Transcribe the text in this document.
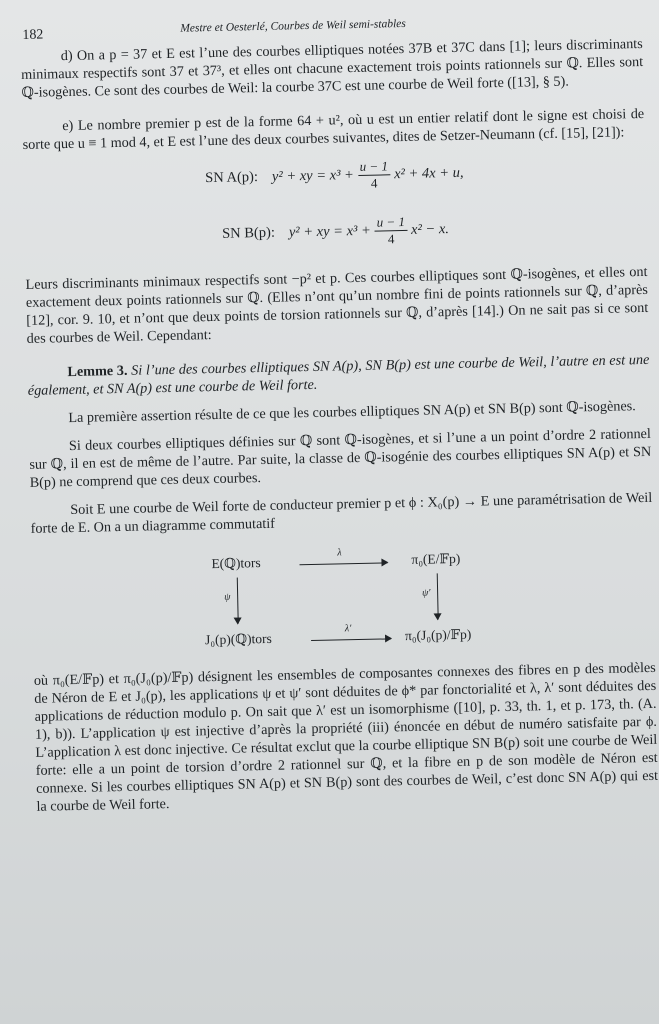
182
Mestre et Oesterlé, Courbes de Weil semi-stables

d) On a p = 37 et E est l’une des courbes elliptiques notées 37B et 37C dans [1]; leurs discriminants minimaux respectifs sont 37 et 37³, et elles ont chacune exactement trois points rationnels sur ℚ. Elles sont ℚ-isogènes. Ce sont des courbes de Weil: la courbe 37C est une courbe de Weil forte ([13], § 5).

e) Le nombre premier p est de la forme 64 + u², où u est un entier relatif dont le signe est choisi de sorte que u ≡ 1 mod 4, et E est l’une des deux courbes suivantes, dites de Setzer-Neumann (cf. [15], [21]):

SN A(p): y² + xy = $x^3 + \frac{u - 1}{4} x^2 + 4x + u$,
SN B(p): y² + xy = $x^3 + \frac{u - 1}{4} x^2 - x$.

Leurs discriminants minimaux respectifs sont −p² et p. Ces courbes elliptiques sont ℚ-isogènes, et elles ont exactement deux points rationnels sur ℚ. (Elles n’ont qu’un nombre fini de points rationnels sur ℚ, d’après [12], cor. 9. 10, et n’ont que deux points de torsion rationnels sur ℚ, d’après [14].) On ne sait pas si ce sont des courbes de Weil. Cependant:

Lemme 3. Si l’une des courbes elliptiques SN A(p), SN B(p) est une courbe de Weil, l’autre en est une également, et SN A(p) est une courbe de Weil forte.

La première assertion résulte de ce que les courbes elliptiques SN A(p) et SN B(p) sont ℚ-isogènes.

Si deux courbes elliptiques définies sur ℚ sont ℚ-isogènes, et si l’une a un point d’ordre 2 rationnel sur ℚ, il en est de même de l’autre. Par suite, la classe de ℚ-isogénie des courbes elliptiques SN A(p) et SN B(p) ne comprend que ces deux courbes.

Soit E une courbe de Weil forte de conducteur premier p et ϕ : X₀(p) → E une paramétrisation de Weil forte de E. On a un diagramme commutatif

E(ℚ)tors	π₀(E/𝔽p)
J₀(p)(ℚ)tors	π₀(J₀(p)/𝔽p)
λ
λ′
ψ	ψ′

où π₀(E/𝔽p) et π₀(J₀(p)/𝔽p) désignent les ensembles de composantes connexes des fibres en p des modèles de Néron de E et J₀(p), les applications ψ et ψ′ sont déduites de ϕ* par fonctorialité et λ, λ′ sont déduites des applications de réduction modulo p. On sait que λ′ est un isomorphisme ([10], p. 33, th. 1, et p. 173, th. (A. 1), b)). L’application ψ est injective d’après la propriété (iii) énoncée en début de numéro satisfaite par ϕ. L’application λ est donc injective. Ce résultat exclut que la courbe elliptique SN B(p) soit une courbe de Weil forte: elle a un point de torsion d’ordre 2 rationnel sur ℚ, et la fibre en p de son modèle de Néron est connexe. Si les courbes elliptiques SN A(p) et SN B(p) sont des courbes de Weil, c’est donc SN A(p) qui est la courbe de Weil forte.
